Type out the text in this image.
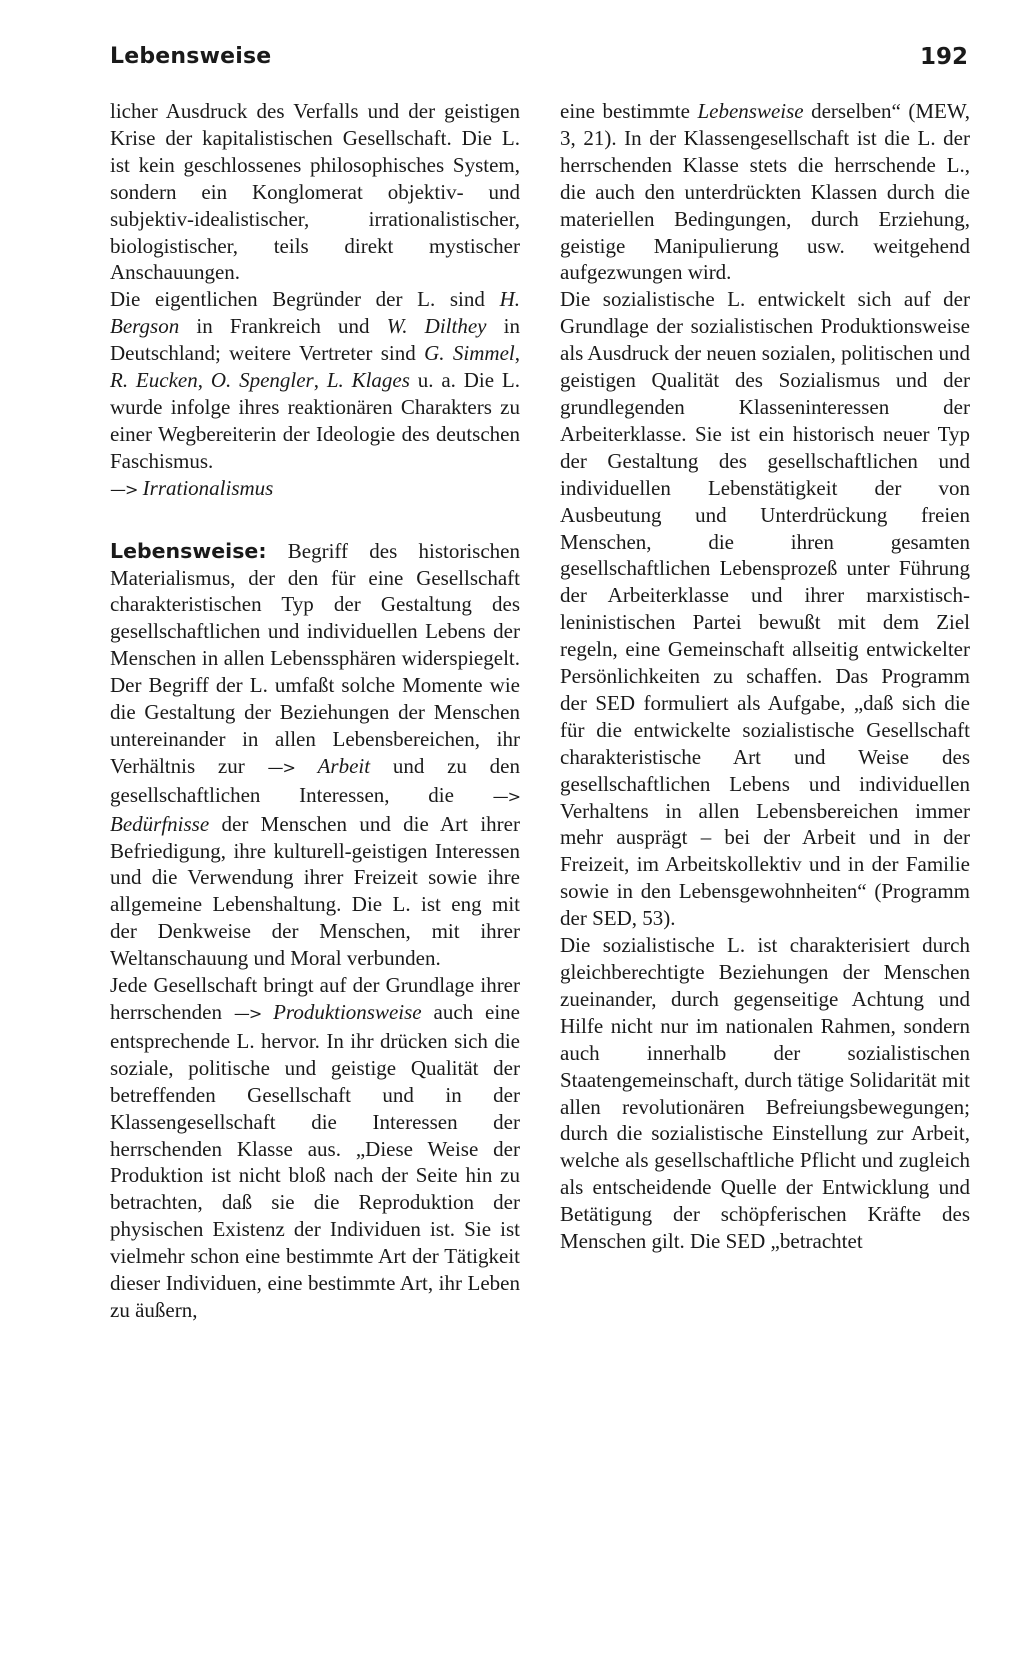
Lebensweise	192

licher Ausdruck des Verfalls und der geistigen Krise der kapitalistischen Gesellschaft. Die L. ist kein geschlossenes philosophisches System, sondern ein Konglomerat objektiv- und subjektiv-idealistischer, irrationalistischer, biologistischer, teils direkt mystischer Anschauungen.

Die eigentlichen Begründer der L. sind H. Bergson in Frankreich und W. Dilthey in Deutschland; weitere Vertreter sind G. Simmel, R. Eucken, O. Spengler, L. Klages u. a. Die L. wurde infolge ihres reaktionären Charakters zu einer Wegbereiterin der Ideologie des deutschen Faschismus.

—> Irrationalismus

Lebensweise: Begriff des historischen Materialismus, der den für eine Gesellschaft charakteristischen Typ der Gestaltung des gesellschaftlichen und individuellen Lebens der Menschen in allen Lebenssphären widerspiegelt. Der Begriff der L. umfaßt solche Momente wie die Gestaltung der Beziehungen der Menschen untereinander in allen Lebensbereichen, ihr Verhältnis zur —> Arbeit und zu den gesellschaftlichen Interessen, die —> Bedürfnisse der Menschen und die Art ihrer Befriedigung, ihre kulturell-geistigen Interessen und die Verwendung ihrer Freizeit sowie ihre allgemeine Lebenshaltung. Die L. ist eng mit der Denkweise der Menschen, mit ihrer Weltanschauung und Moral verbunden.

Jede Gesellschaft bringt auf der Grundlage ihrer herrschenden —> Produktionsweise auch eine entsprechende L. hervor. In ihr drücken sich die soziale, politische und geistige Qualität der betreffenden Gesellschaft und in der Klassengesellschaft die Interessen der herrschenden Klasse aus. „Diese Weise der Produktion ist nicht bloß nach der Seite hin zu betrachten, daß sie die Reproduktion der physischen Existenz der Individuen ist. Sie ist vielmehr schon eine bestimmte Art der Tätigkeit dieser Individuen, eine bestimmte Art, ihr Leben zu äußern,

eine bestimmte Lebensweise derselben“ (MEW, 3, 21). In der Klassengesellschaft ist die L. der herrschenden Klasse stets die herrschende L., die auch den unterdrückten Klassen durch die materiellen Bedingungen, durch Erziehung, geistige Manipulierung usw. weitgehend aufgezwungen wird.

Die sozialistische L. entwickelt sich auf der Grundlage der sozialistischen Produktionsweise als Ausdruck der neuen sozialen, politischen und geistigen Qualität des Sozialismus und der grundlegenden Klasseninteressen der Arbeiterklasse. Sie ist ein historisch neuer Typ der Gestaltung des gesellschaftlichen und individuellen Lebenstätigkeit der von Ausbeutung und Unterdrückung freien Menschen, die ihren gesamten gesellschaftlichen Lebensprozeß unter Führung der Arbeiterklasse und ihrer marxistisch-leninistischen Partei bewußt mit dem Ziel regeln, eine Gemeinschaft allseitig entwickelter Persönlichkeiten zu schaffen. Das Programm der SED formuliert als Aufgabe, „daß sich die für die entwickelte sozialistische Gesellschaft charakteristische Art und Weise des gesellschaftlichen Lebens und individuellen Verhaltens in allen Lebensbereichen immer mehr ausprägt – bei der Arbeit und in der Freizeit, im Arbeitskollektiv und in der Familie sowie in den Lebensgewohnheiten“ (Programm der SED, 53).

Die sozialistische L. ist charakterisiert durch gleichberechtigte Beziehungen der Menschen zueinander, durch gegenseitige Achtung und Hilfe nicht nur im nationalen Rahmen, sondern auch innerhalb der sozialistischen Staatengemeinschaft, durch tätige Solidarität mit allen revolutionären Befreiungsbewegungen; durch die sozialistische Einstellung zur Arbeit, welche als gesellschaftliche Pflicht und zugleich als entscheidende Quelle der Entwicklung und Betätigung der schöpferischen Kräfte des Menschen gilt. Die SED „betrachtet
